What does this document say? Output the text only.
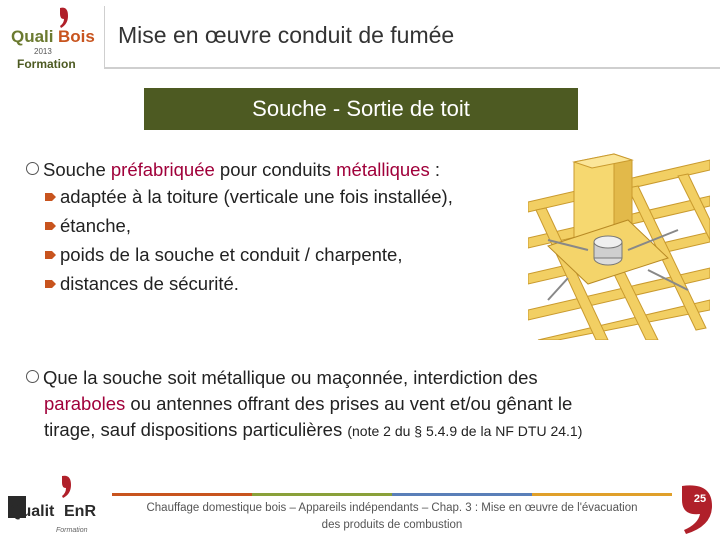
Quali Bois
2013
Formation
Mise en œuvre conduit de fumée
Souche - Sortie de toit
Souche préfabriquée pour conduits métalliques :
adaptée à la toiture (verticale une fois installée),
étanche,
poids de la souche et conduit / charpente,
distances de sécurité.
Que la souche soit métallique ou maçonnée, interdiction des
paraboles ou antennes offrant des prises au vent et/ou gênant le
tirage, sauf dispositions particulières (note 2 du § 5.4.9 de la NF DTU 24.1)
Qualit EnR
Formation
Chauffage domestique bois – Appareils indépendants – Chap. 3 : Mise en œuvre de l'évacuation
des produits de combustion
25
